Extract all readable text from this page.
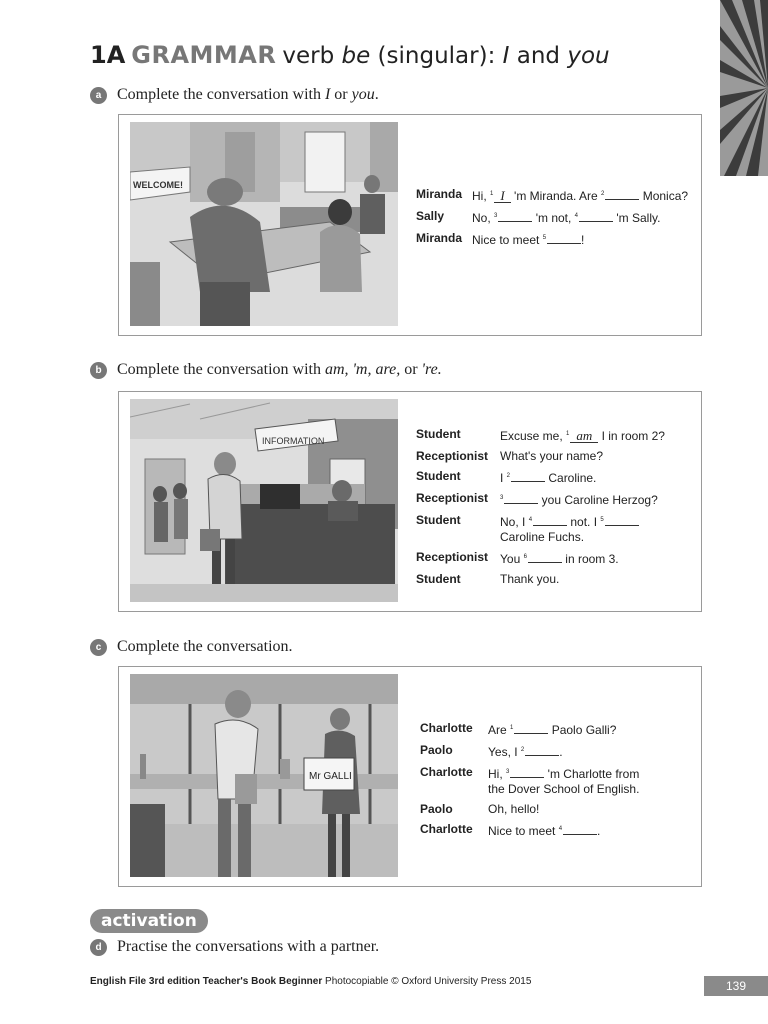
1A GRAMMAR verb be (singular): I and you
a Complete the conversation with
I or you .
WELCOME!
Miranda Hi, $^1$ I 'm Miranda. Are $^2$	Monica?
Sally	No, $^3$	'm not, $^4$	'm Sally.
Miranda Nice to meet $^5$	!
b Complete the conversation with
am, 'm, are, or 're.
INFORMATION	Student	Excuse me, $^1$ am I in room 2?
Receptionist What's your name?
Student	I $^2$	Caroline.
Receptionist	$^3$	you Caroline Herzog?
Student	No, I $^4$	not. I $^5$
Caroline Fuchs.
Receptionist You $^6$	in room 3.
Student	Thank you.
c Complete the conversation.
Mr GALLI
Charlotte	Are $^1$	Paolo Galli?
Paolo	Yes, I $^2$	.
Charlotte	Hi, $^3$	'm Charlotte from
the Dover School of English.
Paolo	Oh, hello!
Charlotte	Nice to meet $^4$	.
activation
d Practise the conversations with a partner.
English File 3rd edition Teacher's Book Beginner Photocopiable © Oxford University Press 2015	139
